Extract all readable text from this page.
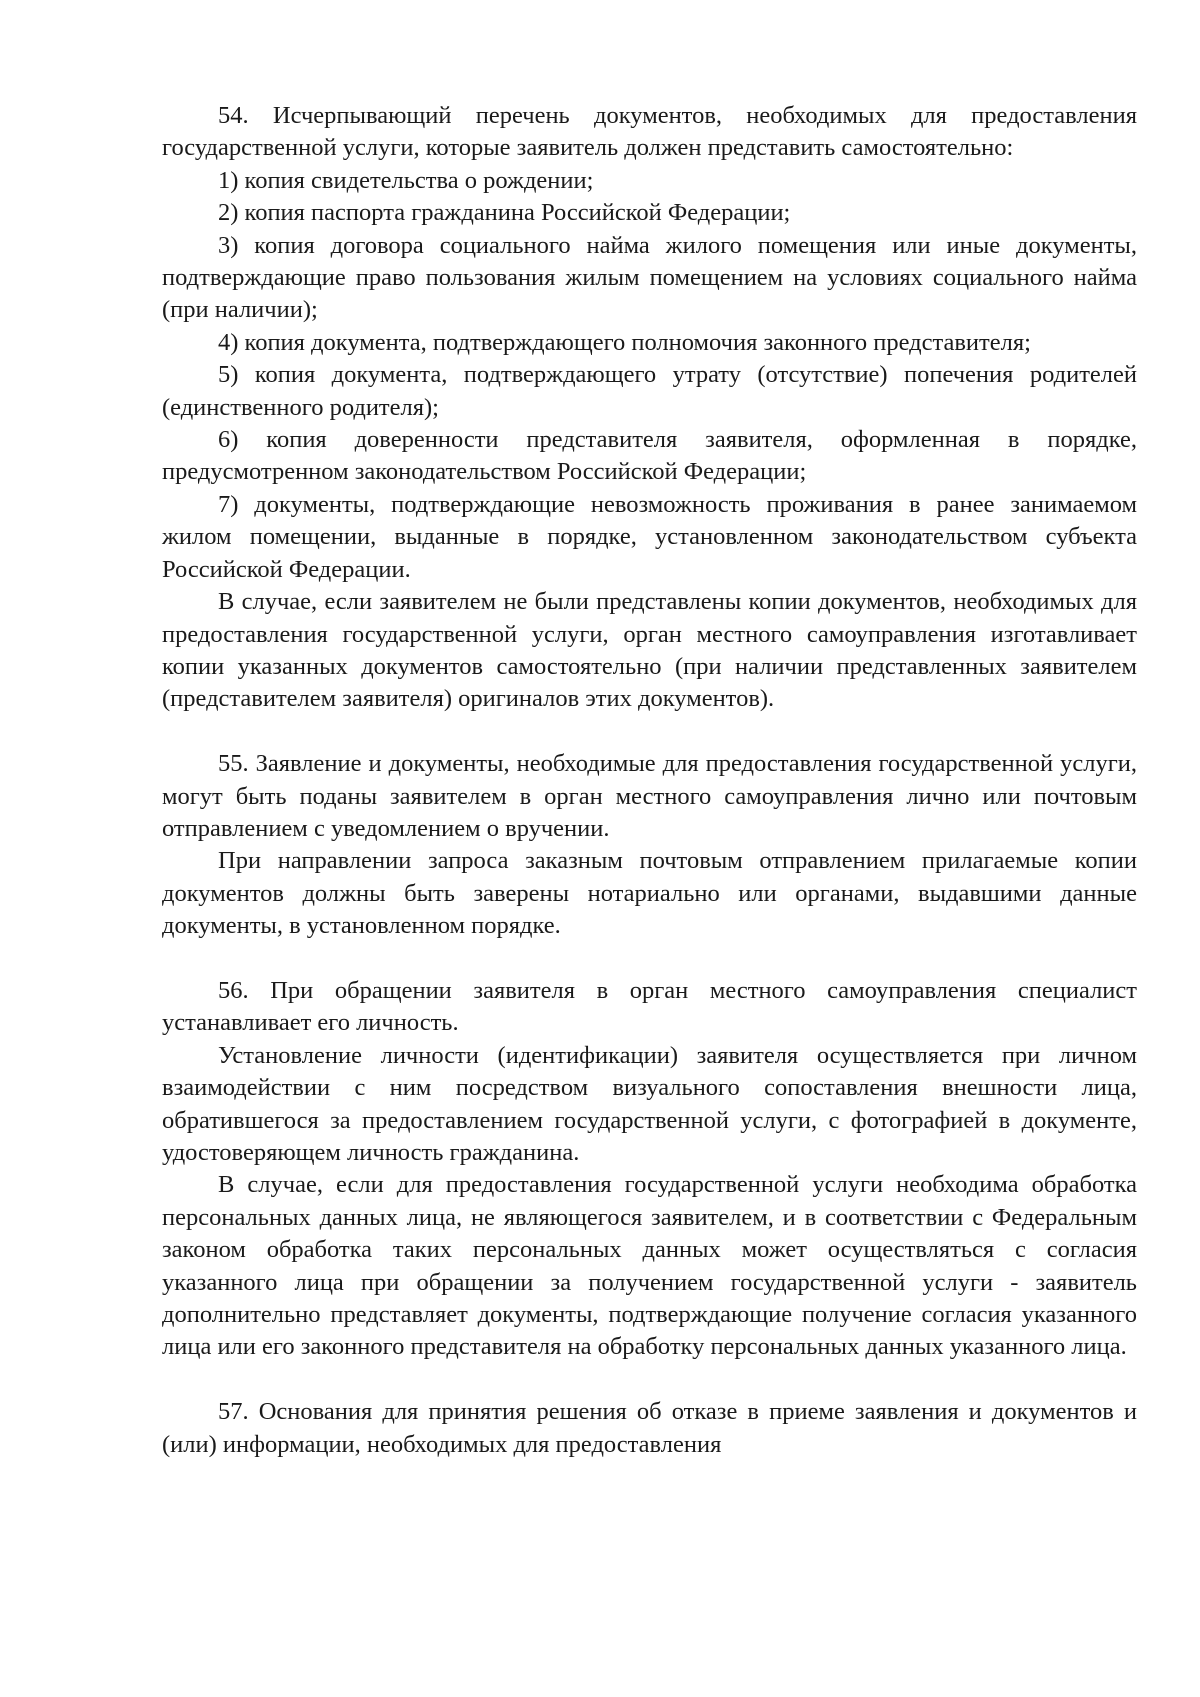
54. Исчерпывающий перечень документов, необходимых для предоставления государственной услуги, которые заявитель должен представить самостоятельно:

1) копия свидетельства о рождении;

2) копия паспорта гражданина Российской Федерации;

3) копия договора социального найма жилого помещения или иные документы, подтверждающие право пользования жилым помещением на условиях социального найма (при наличии);

4) копия документа, подтверждающего полномочия законного представителя;

5) копия документа, подтверждающего утрату (отсутствие) попечения родителей (единственного родителя);

6) копия доверенности представителя заявителя, оформленная в порядке, предусмотренном законодательством Российской Федерации;

7) документы, подтверждающие невозможность проживания в ранее занимаемом жилом помещении, выданные в порядке, установленном законодательством субъекта Российской Федерации.

В случае, если заявителем не были представлены копии документов, необходимых для предоставления государственной услуги, орган местного самоуправления изготавливает копии указанных документов самостоятельно (при наличии представленных заявителем (представителем заявителя) оригиналов этих документов).

55. Заявление и документы, необходимые для предоставления государственной услуги, могут быть поданы заявителем в орган местного самоуправления лично или почтовым отправлением с уведомлением о вручении.

При направлении запроса заказным почтовым отправлением прилагаемые копии документов должны быть заверены нотариально или органами, выдавшими данные документы, в установленном порядке.

56. При обращении заявителя в орган местного самоуправления специалист устанавливает его личность.

Установление личности (идентификации) заявителя осуществляется при личном взаимодействии с ним посредством визуального сопоставления внешности лица, обратившегося за предоставлением государственной услуги, с фотографией в документе, удостоверяющем личность гражданина.

В случае, если для предоставления государственной услуги необходима обработка персональных данных лица, не являющегося заявителем, и в соответствии с Федеральным законом обработка таких персональных данных может осуществляться с согласия указанного лица при обращении за получением государственной услуги - заявитель дополнительно представляет документы, подтверждающие получение согласия указанного лица или его законного представителя на обработку персональных данных указанного лица.

57. Основания для принятия решения об отказе в приеме заявления и документов и (или) информации, необходимых для предоставления
